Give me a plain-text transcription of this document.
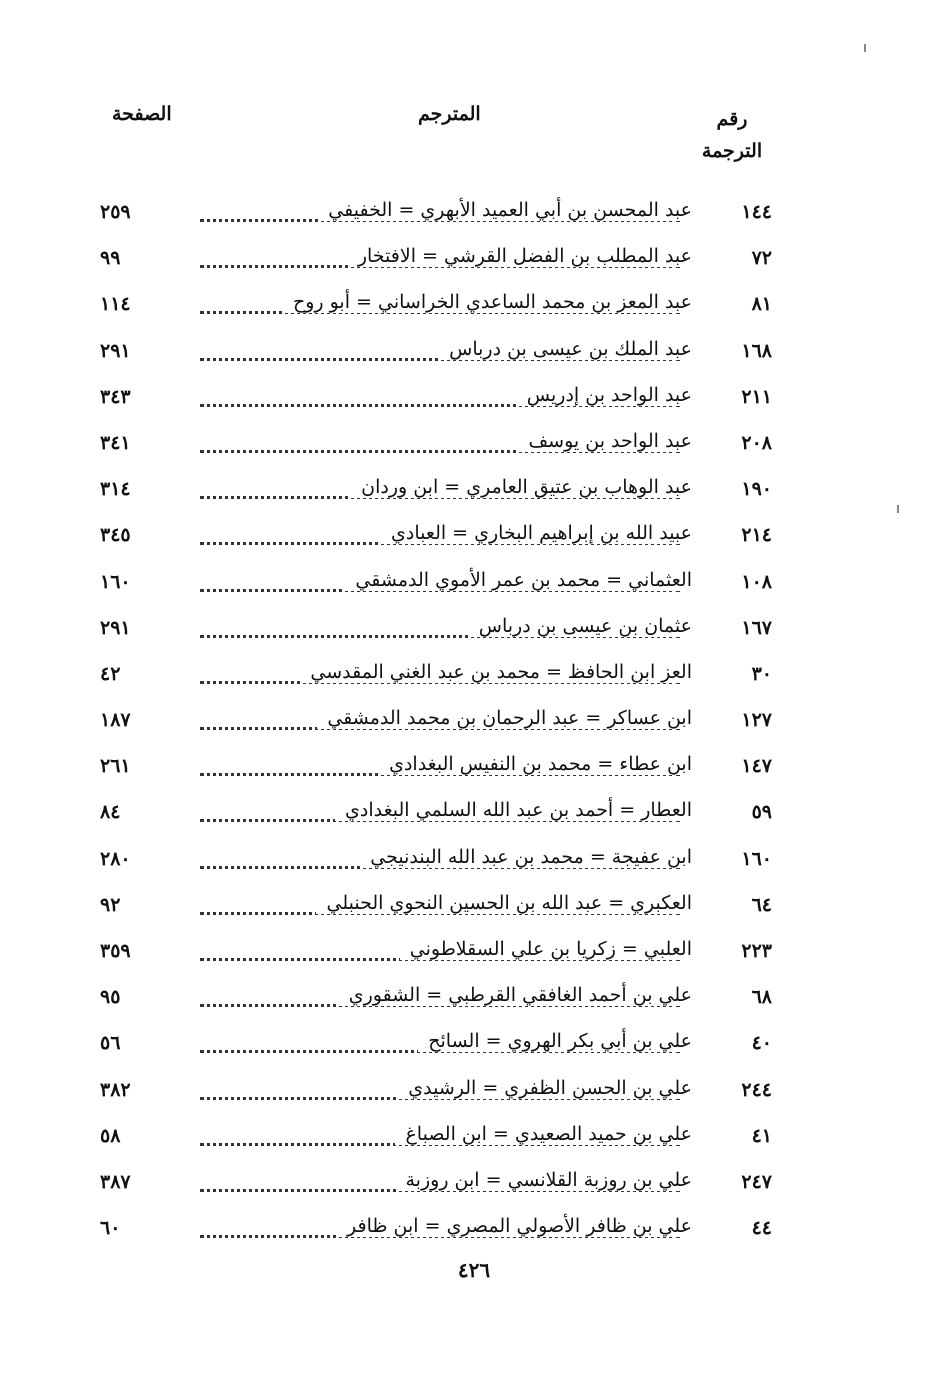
رقم
الترجمة
المترجم
الصفحة
١٤٤
عبد المحسن بن أبي العميد الأبهري = الخفيفي
٢٥٩
٧٢
عبد المطلب بن الفضل القرشي = الافتخار
٩٩
٨١
عبد المعز بن محمد الساعدي الخراساني = أبو روح
١١٤
١٦٨
عبد الملك بن عيسى بن درباس
٢٩١
٢١١
عبد الواحد بن إدريس
٣٤٣
٢٠٨
عبد الواحد بن يوسف
٣٤١
١٩٠
عبد الوهاب بن عتيق العامري = ابن وردان
٣١٤
٢١٤
عبيد الله بن إبراهيم البخاري = العبادي
٣٤٥
١٠٨
العثماني = محمد بن عمر الأموي الدمشقي
١٦٠
١٦٧
عثمان بن عيسى بن درباس
٢٩١
٣٠
العز ابن الحافظ = محمد بن عبد الغني المقدسي
٤٢
١٢٧
ابن عساكر = عبد الرحمان بن محمد الدمشقي
١٨٧
١٤٧
ابن عطاء = محمد بن النفيس البغدادي
٢٦١
٥٩
العطار = أحمد بن عبد الله السلمي البغدادي
٨٤
١٦٠
ابن عفيجة = محمد بن عبد الله البندنيجي
٢٨٠
٦٤
العكبري = عبد الله بن الحسين النحوي الحنبلي
٩٢
٢٢٣
العلبي = زكريا بن علي السقلاطوني
٣٥٩
٦٨
علي بن أحمد الغافقي القرطبي = الشقوري
٩٥
٤٠
علي بن أبي بكر الهروي = السائح
٥٦
٢٤٤
علي بن الحسن الظفري = الرشيدي
٣٨٢
٤١
علي بن حميد الصعيدي = ابن الصباغ
٥٨
٢٤٧
علي بن روزبة القلانسي = ابن روزبة
٣٨٧
٤٤
علي بن ظافر الأصولي المصري = ابن ظافر
٦٠
٤٢٦
